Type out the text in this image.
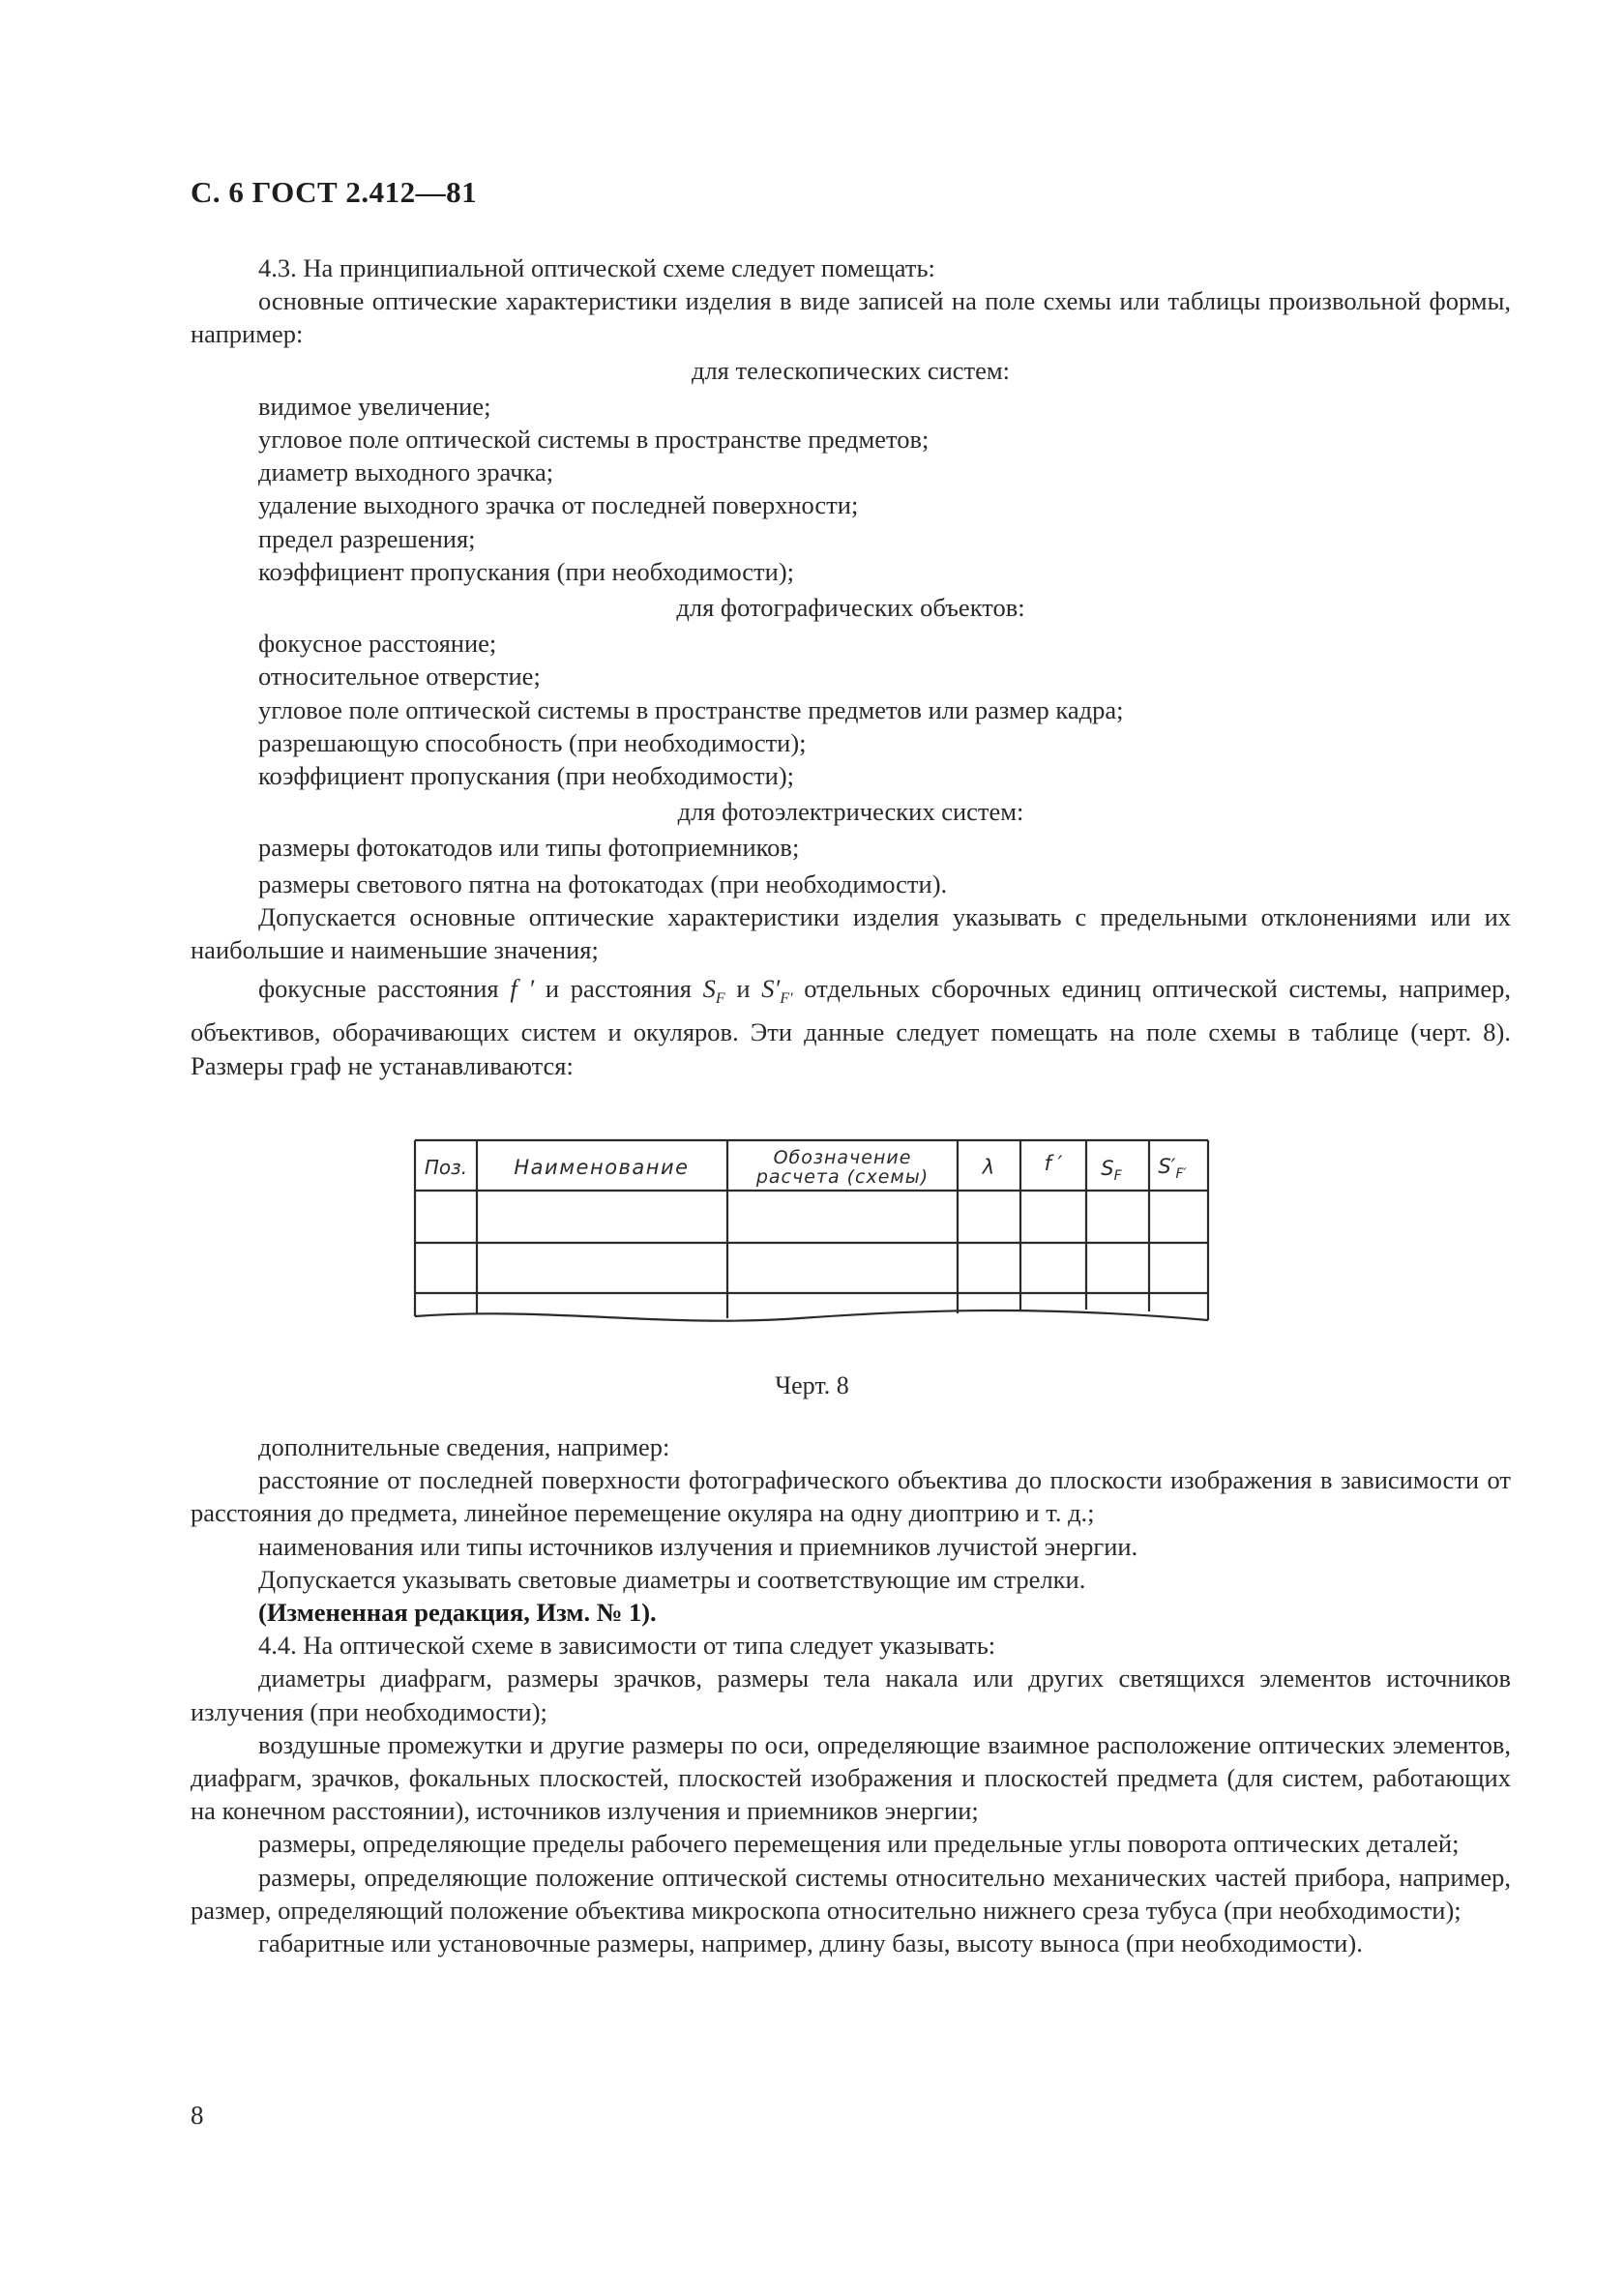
С. 6 ГОСТ 2.412—81

4.3. На принципиальной оптической схеме следует помещать:

основные оптические характеристики изделия в виде записей на поле схемы или таблицы произвольной формы, например:

для телескопических систем:

видимое увеличение;

угловое поле оптической системы в пространстве предметов;

диаметр выходного зрачка;

удаление выходного зрачка от последней поверхности;

предел разрешения;

коэффициент пропускания (при необходимости);

для фотографических объектов:

фокусное расстояние;

относительное отверстие;

угловое поле оптической системы в пространстве предметов или размер кадра;

разрешающую способность (при необходимости);

коэффициент пропускания (при необходимости);

для фотоэлектрических систем:

размеры фотокатодов или типы фотоприемников;

размеры светового пятна на фотокатодах (при необходимости).

Допускается основные оптические характеристики изделия указывать с предельными отклонениями или их наибольшие и наименьшие значения;

фокусные расстояния f ′ и расстояния $S_F$ и $S'_{F'}$ отдельных сборочных единиц оптической системы, например, объективов, оборачивающих систем и окуляров. Эти данные следует помещать на поле схемы в таблице (черт. 8). Размеры граф не устанавливаются:

Поз. Наименование	Обозначение
расчета (схемы)	λ f ′ $S_F$ $S'_{F'}$
Черт. 8

дополнительные сведения, например:

расстояние от последней поверхности фотографического объектива до плоскости изображения в зависимости от расстояния до предмета, линейное перемещение окуляра на одну диоптрию и т. д.;

наименования или типы источников излучения и приемников лучистой энергии.

Допускается указывать световые диаметры и соответствующие им стрелки.

(Измененная редакция, Изм. № 1).

4.4. На оптической схеме в зависимости от типа следует указывать:

диаметры диафрагм, размеры зрачков, размеры тела накала или других светящихся элементов источников излучения (при необходимости);

воздушные промежутки и другие размеры по оси, определяющие взаимное расположение оптических элементов, диафрагм, зрачков, фокальных плоскостей, плоскостей изображения и плоскостей предмета (для систем, работающих на конечном расстоянии), источников излучения и приемников энергии;

размеры, определяющие пределы рабочего перемещения или предельные углы поворота оптических деталей;

размеры, определяющие положение оптической системы относительно механических частей прибора, например, размер, определяющий положение объектива микроскопа относительно нижнего среза тубуса (при необходимости);

габаритные или установочные размеры, например, длину базы, высоту выноса (при необходимости).

8
